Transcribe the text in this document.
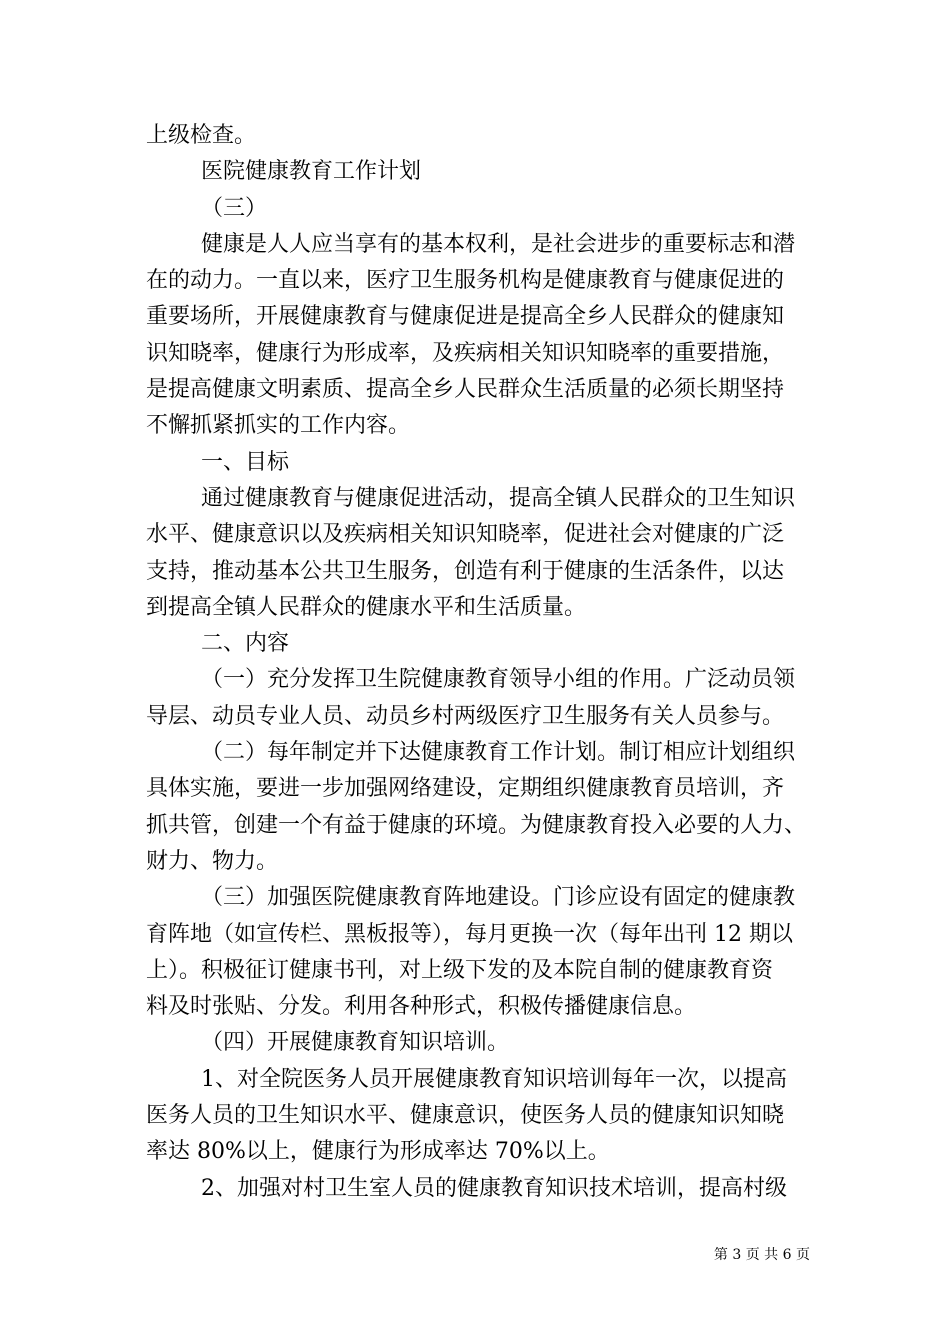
上级检查。

医院健康教育工作计划

（三）

健康是人人应当享有的基本权利，是社会进步的重要标志和潜

在的动力。一直以来，医疗卫生服务机构是健康教育与健康促进的

重要场所，开展健康教育与健康促进是提高全乡人民群众的健康知

识知晓率，健康行为形成率，及疾病相关知识知晓率的重要措施，

是提高健康文明素质、提高全乡人民群众生活质量的必须长期坚持

不懈抓紧抓实的工作内容。

一、目标

通过健康教育与健康促进活动，提高全镇人民群众的卫生知识

水平、健康意识以及疾病相关知识知晓率，促进社会对健康的广泛

支持，推动基本公共卫生服务，创造有利于健康的生活条件，以达

到提高全镇人民群众的健康水平和生活质量。

二、内容

（一）充分发挥卫生院健康教育领导小组的作用。广泛动员领

导层、动员专业人员、动员乡村两级医疗卫生服务有关人员参与。

（二）每年制定并下达健康教育工作计划。制订相应计划组织

具体实施，要进一步加强网络建设，定期组织健康教育员培训，齐

抓共管，创建一个有益于健康的环境。为健康教育投入必要的人力、

财力、物力。

（三）加强医院健康教育阵地建设。门诊应设有固定的健康教

育阵地（如宣传栏、黑板报等），每月更换一次（每年出刊 12 期以

上）。积极征订健康书刊，对上级下发的及本院自制的健康教育资

料及时张贴、分发。利用各种形式，积极传播健康信息。

（四）开展健康教育知识培训。

1、对全院医务人员开展健康教育知识培训每年一次，以提高

医务人员的卫生知识水平、健康意识，使医务人员的健康知识知晓

率达 80%以上，健康行为形成率达 70%以上。

2、加强对村卫生室人员的健康教育知识技术培训，提高村级

第 3 页 共 6 页
